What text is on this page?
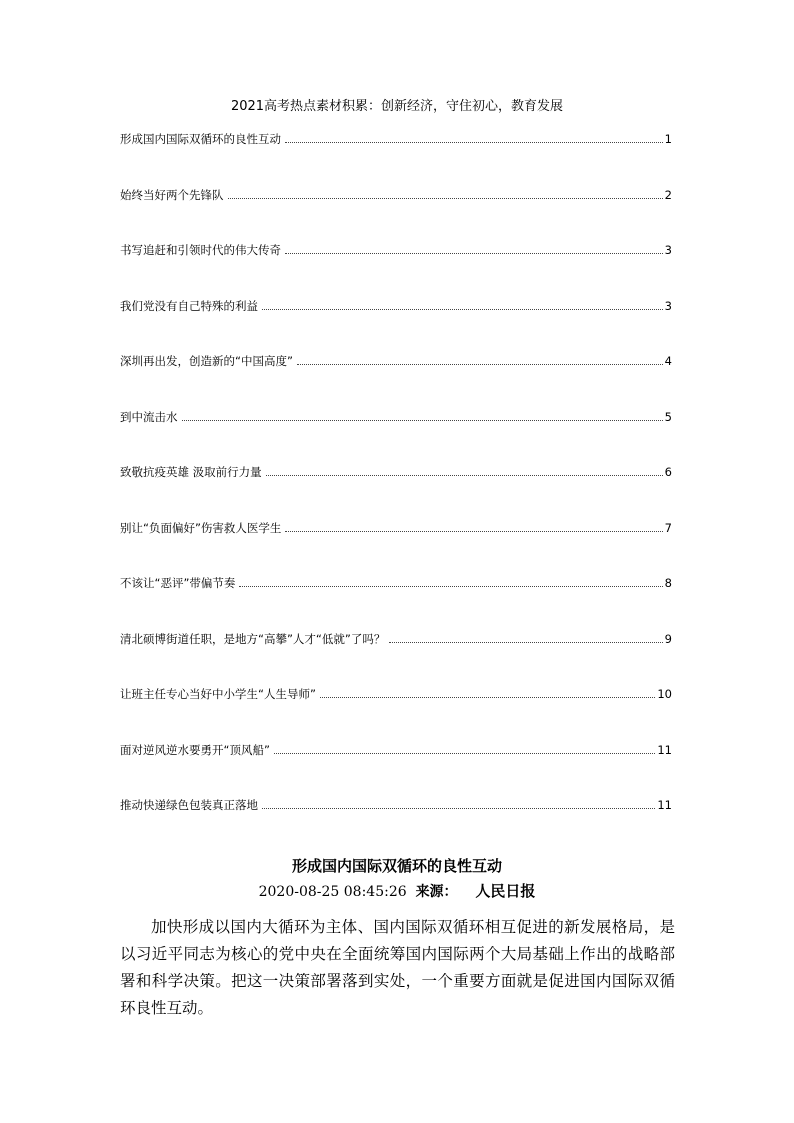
2021高考热点素材积累：创新经济，守住初心，教育发展
形成国内国际双循环的良性互动	1
始终当好两个先锋队	2
书写追赶和引领时代的伟大传奇	3
我们党没有自己特殊的利益	3
深圳再出发，创造新的“中国高度”	4
到中流击水	5
致敬抗疫英雄 汲取前行力量	6
别让“负面偏好”伤害救人医学生	7
不该让“恶评”带偏节奏	8
清北硕博街道任职，是地方“高攀”人才“低就”了吗？	9
让班主任专心当好中小学生“人生导师”	10
面对逆风逆水要勇开“顶风船”	11
推动快递绿色包装真正落地	11
形成国内国际双循环的良性互动
2020-08-25 08:45:26 来源： 人民日报
加快形成以国内大循环为主体、国内国际双循环相互促进的新发展格局，是以习近平同志为核心的党中央在全面统筹国内国际两个大局基础上作出的战略部署和科学决策。把这一决策部署落到实处，一个重要方面就是促进国内国际双循环良性互动。
